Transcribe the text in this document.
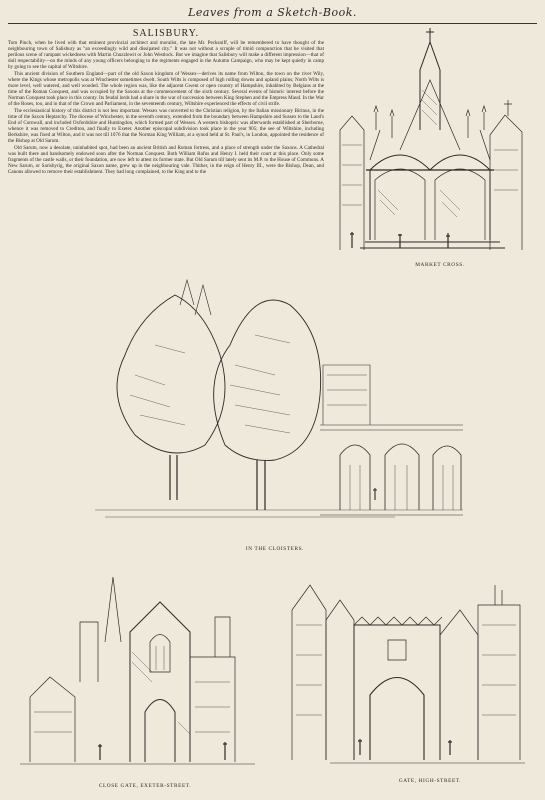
Leaves from a Sketch-Book.
SALISBURY.

Tom Pinch, when he lived with that eminent provincial architect and moralist, the late Mr. Pecksniff, will be remembered to have thought of the neighbouring town of Salisbury as "an exceedingly wild and dissipated city." It was not without a scruple of timid compunction that he visited that perilous scene of rampant wickedness with Martin Chuzzlewit or John Westlock. But we imagine that Salisbury will make a different impression—that of dull respectability—on the minds of any young officers belonging to the regiments engaged in the Autumn Campaign, who may be kept quietly in camp by going to see the capital of Wiltshire.

This ancient division of Southern England—part of the old Saxon kingdom of Wessex—derives its name from Wilton, the town on the river Wily, where the Kings whose metropolis was at Winchester sometimes dwelt. South Wilts is composed of high rolling downs and upland plains; North Wilts is more level, well watered, and well wooded. The whole region was, like the adjacent Gwent or open country of Hampshire, inhabited by Belgians at the time of the Roman Conquest, and was occupied by the Saxons at the commencement of the sixth century. Several events of historic interest before the Norman Conquest took place in this county. Its feudal lords had a share in the war of succession between King Stephen and the Empress Maud. In the War of the Roses, too, and in that of the Crown and Parliament, in the seventeenth century, Wiltshire experienced the effects of civil strife.

The ecclesiastical history of this district is not less important. Wessex was converted to the Christian religion, by the Italian missionary Birinus, in the time of the Saxon Heptarchy. The diocese of Winchester, in the seventh century, extended from the boundary between Hampshire and Sussex to the Land's End of Cornwall, and included Oxfordshire and Huntingdon, which formed part of Wessex. A western bishopric was afterwards established at Sherborne, whence it was removed to Crediton, and finally to Exeter. Another episcopal subdivision took place in the year 905; the see of Wiltshire, including Berkshire, was fixed at Wilton, and it was not till 1076 that the Norman King William, at a synod held at St. Paul's, in London, appointed the residence of the Bishop at Old Sarum.

Old Sarum, now a desolate, uninhabited spot, had been an ancient British and Roman fortress, and a place of strength under the Saxons. A Cathedral was built there and handsomely endowed soon after the Norman Conquest. Both William Rufus and Henry I. held their court at this place. Only some fragments of the castle walls, or their foundation, are now left to attest its former state. But Old Sarum till lately sent its M.P. to the House of Commons. A New Sarum, or Sarisbyrig, the original Saxon name, grew up in the neighbouring vale. Thither, in the reign of Henry III., were the Bishop, Dean, and Canons allowed to remove their establishment. They had long complained, to the King and to the

MARKET CROSS.
IN THE CLOISTERS.
CLOSE GATE, EXETER-STREET.
GATE, HIGH-STREET.
